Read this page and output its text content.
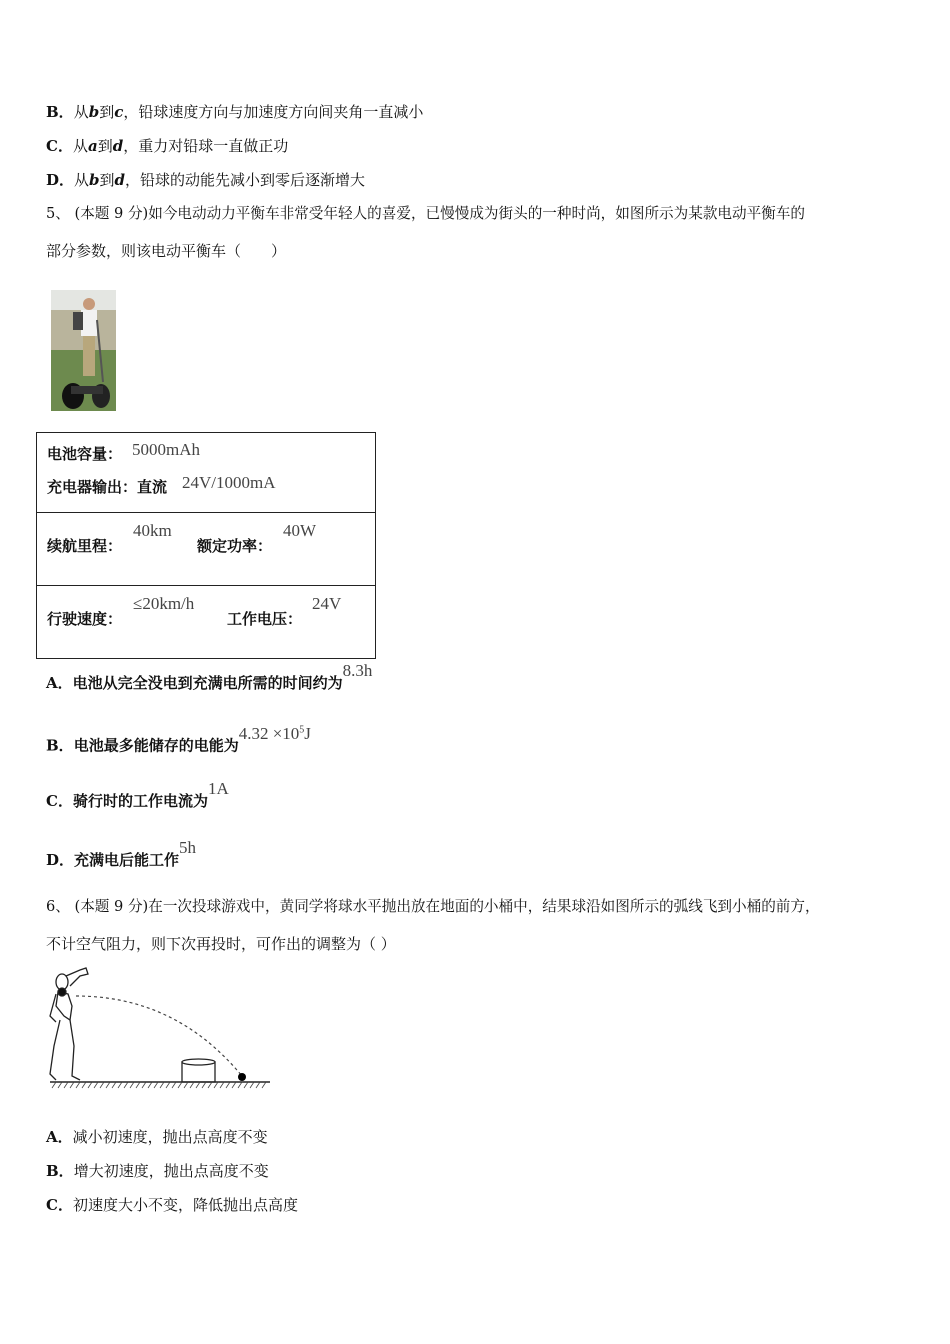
B．从b到c，铅球速度方向与加速度方向间夹角一直减小
C．从a到d，重力对铅球一直做正功
D．从b到d，铅球的动能先减小到零后逐渐增大
5、 (本题 9 分)如今电动动力平衡车非常受年轻人的喜爱，已慢慢成为街头的一种时尚，如图所示为某款电动平衡车的
部分参数，则该电动平衡车（　　）
电池容量： 5000mAh
充电器输出：直流 24V/1000mA
续航里程：
40km
额定功率：
40W
行驶速度：
≤20km/h
工作电压：
24V
A．电池从完全没电到充满电所需的时间约为8.3h
B．电池最多能储存的电能为$4.32 \times 10^5J$
C．骑行时的工作电流为1A
D．充满电后能工作5h
6、 (本题 9 分)在一次投球游戏中，黄同学将球水平抛出放在地面的小桶中，结果球沿如图所示的弧线飞到小桶的前方，
不计空气阻力，则下次再投时，可作出的调整为（ ）
A．减小初速度，抛出点高度不变
B．增大初速度，抛出点高度不变
C．初速度大小不变，降低抛出点高度
